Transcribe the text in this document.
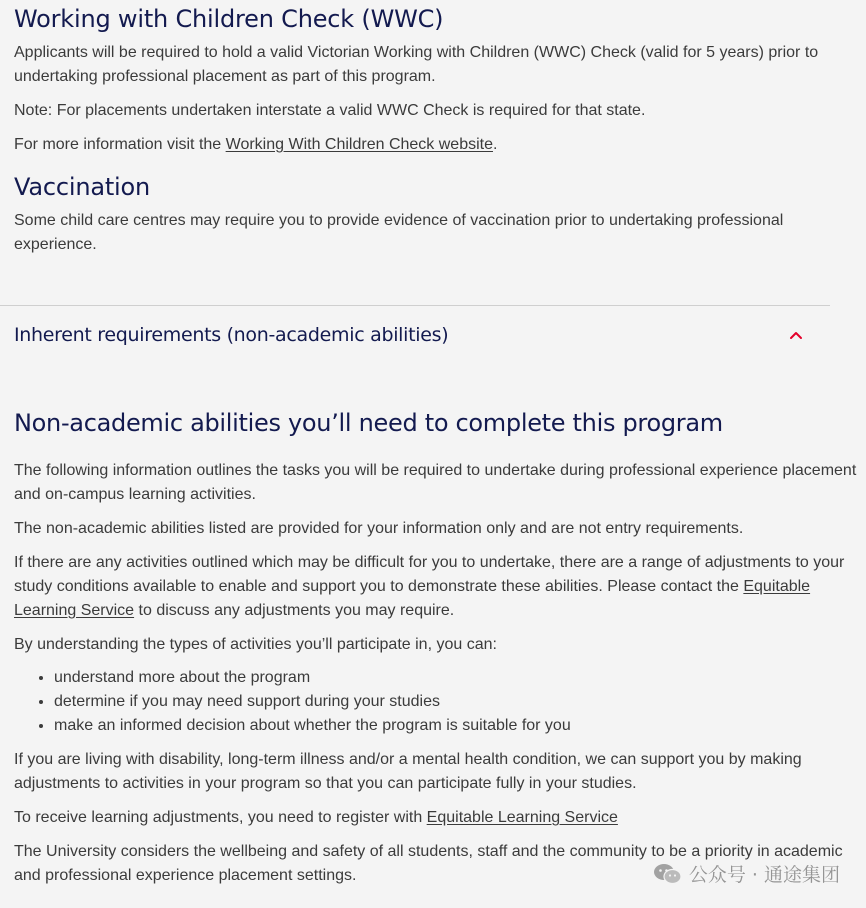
Working with Children Check (WWC)

Applicants will be required to hold a valid Victorian Working with Children (WWC) Check (valid for 5 years) prior to undertaking professional placement as part of this program.

Note: For placements undertaken interstate a valid WWC Check is required for that state.

For more information visit the Working With Children Check website.

Vaccination

Some child care centres may require you to provide evidence of vaccination prior to undertaking professional experience.

Inherent requirements (non-academic abilities)
Non-academic abilities you’ll need to complete this program

The following information outlines the tasks you will be required to undertake during professional experience placement and on-campus learning activities.

The non-academic abilities listed are provided for your information only and are not entry requirements.

If there are any activities outlined which may be difficult for you to undertake, there are a range of adjustments to your study conditions available to enable and support you to demonstrate these abilities. Please contact the Equitable Learning Service to discuss any adjustments you may require.

By understanding the types of activities you’ll participate in, you can:

• understand more about the program
• determine if you may need support during your studies
• make an informed decision about whether the program is suitable for you

If you are living with disability, long-term illness and/or a mental health condition, we can support you by making adjustments to activities in your program so that you can participate fully in your studies.

To receive learning adjustments, you need to register with Equitable Learning Service

The University considers the wellbeing and safety of all students, staff and the community to be a priority in academic and professional experience placement settings.	公众号 · 通途集团
